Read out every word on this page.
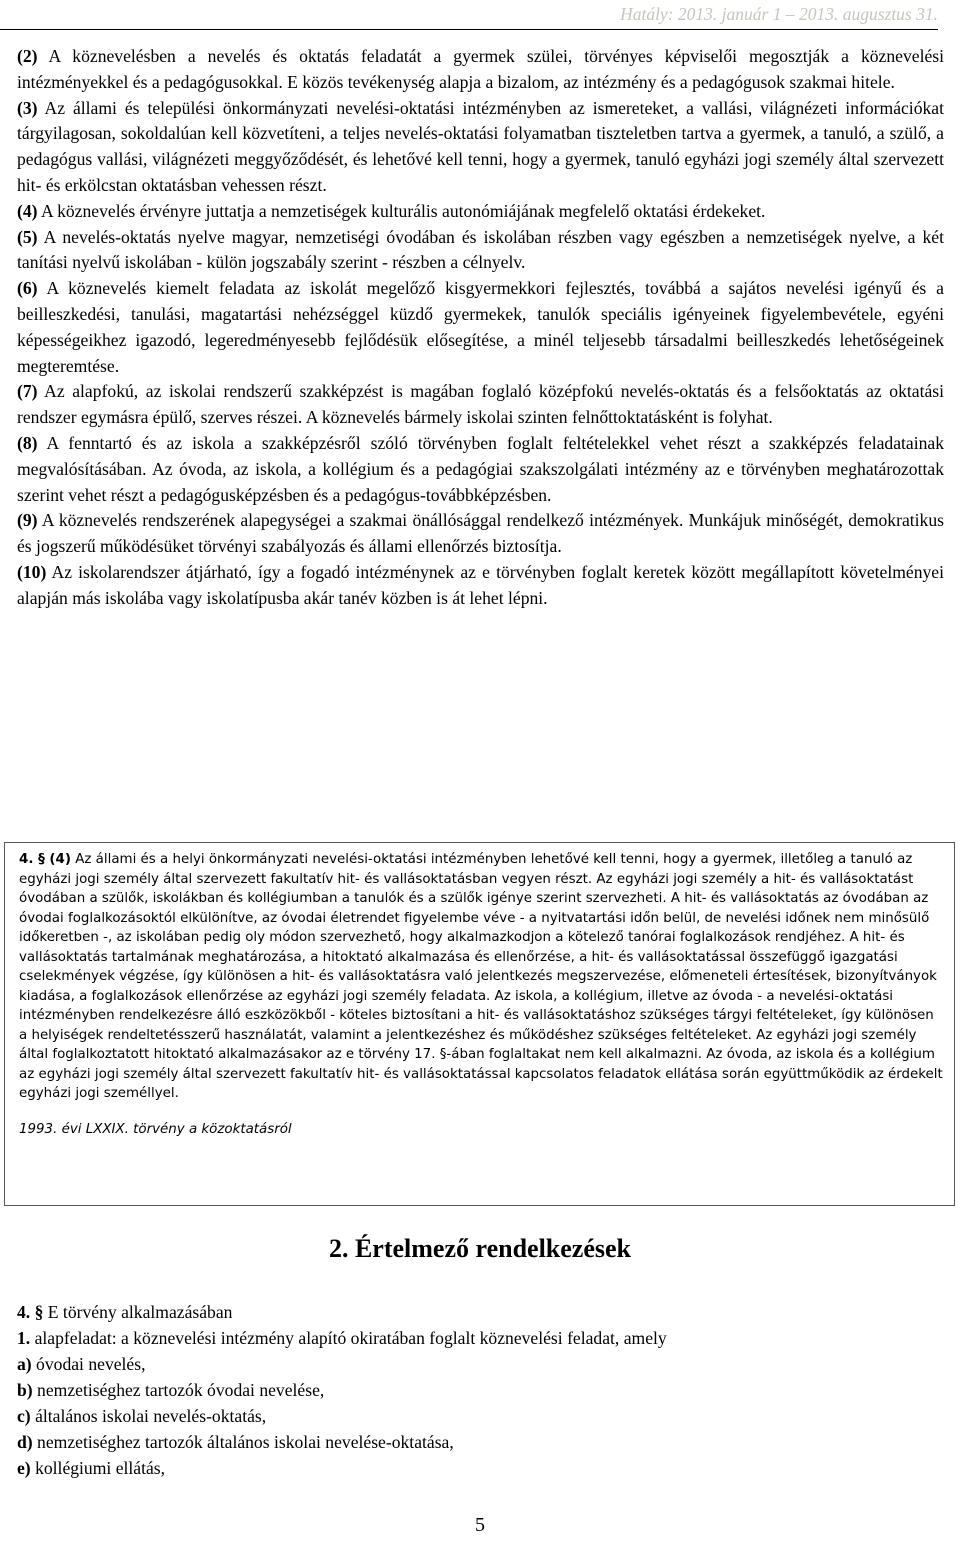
Hatály: 2013. január 1 – 2013. augusztus 31.

(2) A köznevelésben a nevelés és oktatás feladatát a gyermek szülei, törvényes képviselői megosztják a köznevelési intézményekkel és a pedagógusokkal. E közös tevékenység alapja a bizalom, az intézmény és a pedagógusok szakmai hitele.

(3) Az állami és települési önkormányzati nevelési-oktatási intézményben az ismereteket, a vallási, világnézeti információkat tárgyilagosan, sokoldalúan kell közvetíteni, a teljes nevelés-oktatási folyamatban tiszteletben tartva a gyermek, a tanuló, a szülő, a pedagógus vallási, világnézeti meggyőződését, és lehetővé kell tenni, hogy a gyermek, tanuló egyházi jogi személy által szervezett hit- és erkölcstan oktatásban vehessen részt.

(4) A köznevelés érvényre juttatja a nemzetiségek kulturális autonómiájának megfelelő oktatási érdekeket.

(5) A nevelés-oktatás nyelve magyar, nemzetiségi óvodában és iskolában részben vagy egészben a nemzetiségek nyelve, a két tanítási nyelvű iskolában - külön jogszabály szerint - részben a célnyelv.

(6) A köznevelés kiemelt feladata az iskolát megelőző kisgyermekkori fejlesztés, továbbá a sajátos nevelési igényű és a beilleszkedési, tanulási, magatartási nehézséggel küzdő gyermekek, tanulók speciális igényeinek figyelembevétele, egyéni képességeikhez igazodó, legeredményesebb fejlődésük elősegítése, a minél teljesebb társadalmi beilleszkedés lehetőségeinek megteremtése.

(7) Az alapfokú, az iskolai rendszerű szakképzést is magában foglaló középfokú nevelés-oktatás és a felsőoktatás az oktatási rendszer egymásra épülő, szerves részei. A köznevelés bármely iskolai szinten felnőttoktatásként is folyhat.

(8) A fenntartó és az iskola a szakképzésről szóló törvényben foglalt feltételekkel vehet részt a szakképzés feladatainak megvalósításában. Az óvoda, az iskola, a kollégium és a pedagógiai szakszolgálati intézmény az e törvényben meghatározottak szerint vehet részt a pedagógusképzésben és a pedagógus-továbbképzésben.

(9) A köznevelés rendszerének alapegységei a szakmai önállósággal rendelkező intézmények. Munkájuk minőségét, demokratikus és jogszerű működésüket törvényi szabályozás és állami ellenőrzés biztosítja.

(10) Az iskolarendszer átjárható, így a fogadó intézménynek az e törvényben foglalt keretek között megállapított követelményei alapján más iskolába vagy iskolatípusba akár tanév közben is át lehet lépni.

4. § (4) Az állami és a helyi önkormányzati nevelési-oktatási intézményben lehetővé kell tenni, hogy a gyermek, illetőleg a tanuló az egyházi jogi személy által szervezett fakultatív hit- és vallásoktatásban vegyen részt. Az egyházi jogi személy a hit- és vallásoktatást óvodában a szülők, iskolákban és kollégiumban a tanulók és a szülők igénye szerint szervezheti. A hit- és vallásoktatás az óvodában az óvodai foglalkozásoktól elkülönítve, az óvodai életrendet figyelembe véve - a nyitvatartási időn belül, de nevelési időnek nem minősülő időkeretben -, az iskolában pedig oly módon szervezhető, hogy alkalmazkodjon a kötelező tanórai foglalkozások rendjéhez. A hit- és vallásoktatás tartalmának meghatározása, a hitoktató alkalmazása és ellenőrzése, a hit- és vallásoktatással összefüggő igazgatási cselekmények végzése, így különösen a hit- és vallásoktatásra való jelentkezés megszervezése, előmeneteli értesítések, bizonyítványok kiadása, a foglalkozások ellenőrzése az egyházi jogi személy feladata. Az iskola, a kollégium, illetve az óvoda - a nevelési-oktatási intézményben rendelkezésre álló eszközökből - köteles biztosítani a hit- és vallásoktatáshoz szükséges tárgyi feltételeket, így különösen a helyiségek rendeltetésszerű használatát, valamint a jelentkezéshez és működéshez szükséges feltételeket. Az egyházi jogi személy által foglalkoztatott hitoktató alkalmazásakor az e törvény 17. §-ában foglaltakat nem kell alkalmazni. Az óvoda, az iskola és a kollégium az egyházi jogi személy által szervezett fakultatív hit- és vallásoktatással kapcsolatos feladatok ellátása során együttműködik az érdekelt egyházi jogi személlyel.

1993. évi LXXIX. törvény a közoktatásról

2. Értelmező rendelkezések

4. § E törvény alkalmazásában

1. alapfeladat: a köznevelési intézmény alapító okiratában foglalt köznevelési feladat, amely

a) óvodai nevelés,

b) nemzetiséghez tartozók óvodai nevelése,

c) általános iskolai nevelés-oktatás,

d) nemzetiséghez tartozók általános iskolai nevelése-oktatása,

e) kollégiumi ellátás,

5
